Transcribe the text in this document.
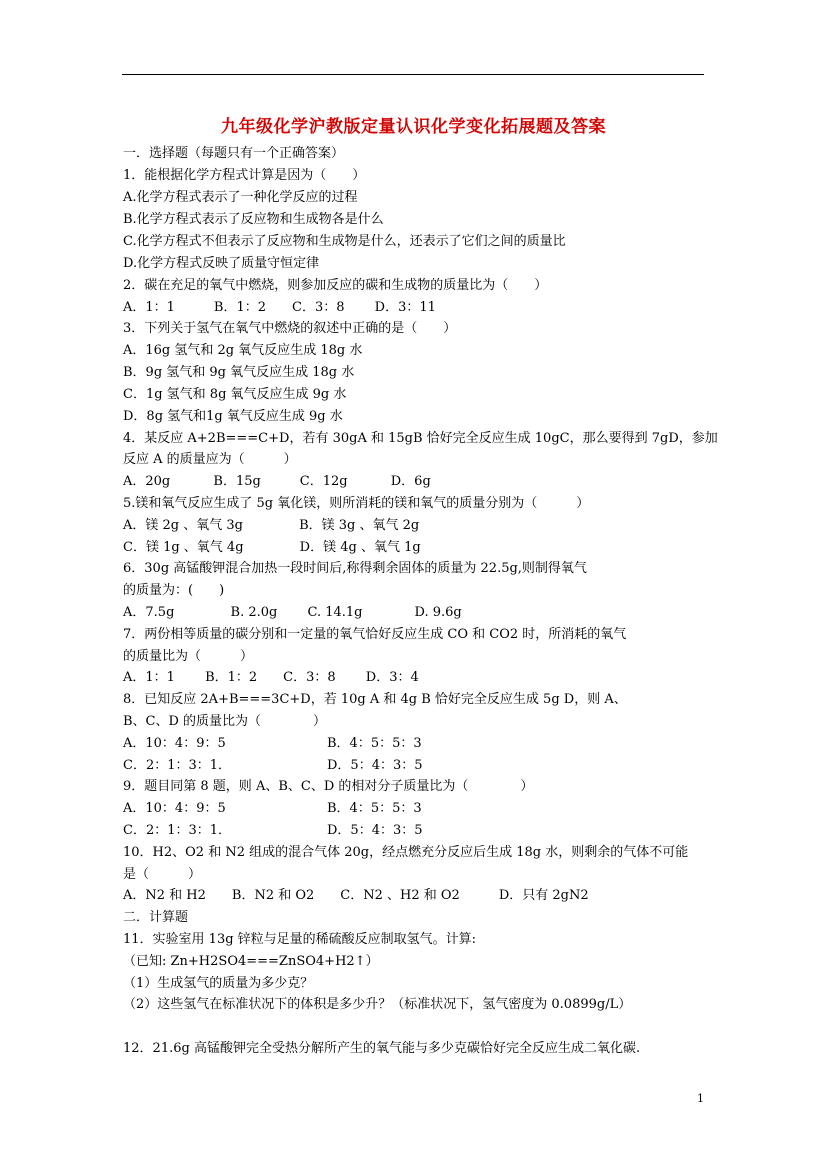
九年级化学沪教版定量认识化学变化拓展题及答案
一．选择题（每题只有一个正确答案）
1．能根据化学方程式计算是因为（　　）
A.化学方程式表示了一种化学反应的过程
B.化学方程式表示了反应物和生成物各是什么
C.化学方程式不但表示了反应物和生成物是什么，还表示了它们之间的质量比
D.化学方程式反映了质量守恒定律
2．碳在充足的氧气中燃烧，则参加反应的碳和生成物的质量比为（　　）
A．1：1　　　B．1：2　　C．3：8　　 D．3：11
3．下列关于氢气在氧气中燃烧的叙述中正确的是（　　）
A．16g 氢气和 2g 氧气反应生成 18g 水
B．9g 氢气和 9g 氧气反应生成 18g 水
C．1g 氢气和 8g 氧气反应生成 9g 水
D．8g 氢气和1g 氧气反应生成 9g 水
4．某反应 A+2B===C+D，若有 30gA 和 15gB 恰好完全反应生成 10gC，那么要得到 7gD，参加
反应 A 的质量应为（　　　）
A．20g　　　 B．15g　　　C．12g　　　 D．6g
5.镁和氧气反应生成了 5g 氧化镁，则所消耗的镁和氧气的质量分别为（　　　）
A．镁 2g 、氧气 3g　　　　 B．镁 3g 、氧气 2g
C．镁 1g 、氧气 4g　　　　 D．镁 4g 、氧气 1g
6．30g 高锰酸钾混合加热一段时间后,称得剩余固体的质量为 22.5g,则制得氧气
的质量为：(　　)
A．7.5g　　　　 B. 2.0g　　 C. 14.1g　　　　D. 9.6g
7．两份相等质量的碳分别和一定量的氧气恰好反应生成 CO 和 CO2 时，所消耗的氧气
的质量比为（　　　）
A．1：1　　 B．1：2　　C．3：8　　 D．3：4
8．已知反应 2A+B===3C+D，若 10g A 和 4g B 恰好完全反应生成 5g D，则 A、
B、C、D 的质量比为（　　　　）
A．10：4：9：5	B．4：5：5：3
C．2：1：3：1．	D．5：4：3：5
9．题目同第 8 题，则 A、B、C、D 的相对分子质量比为（　　　　）
A．10：4：9：5	B．4：5：5：3
C．2：1：3：1．	D．5：4：3：5
10．H2、O2 和 N2 组成的混合气体 20g，经点燃充分反应后生成 18g 水，则剩余的气体不可能
是（　　　）
A．N2 和 H2　　B．N2 和 O2　　C．N2 、H2 和 O2　　　D．只有 2gN2
二．计算题
11．实验室用 13g 锌粒与足量的稀硫酸反应制取氢气。计算:
（已知: Zn+H2SO4===ZnSO4+H2↑）
（1）生成氢气的质量为多少克？
（2）这些氢气在标准状况下的体积是多少升？（标准状况下，氢气密度为 0.0899g/L）
12．21.6g 高锰酸钾完全受热分解所产生的氧气能与多少克碳恰好完全反应生成二氧化碳.
1
